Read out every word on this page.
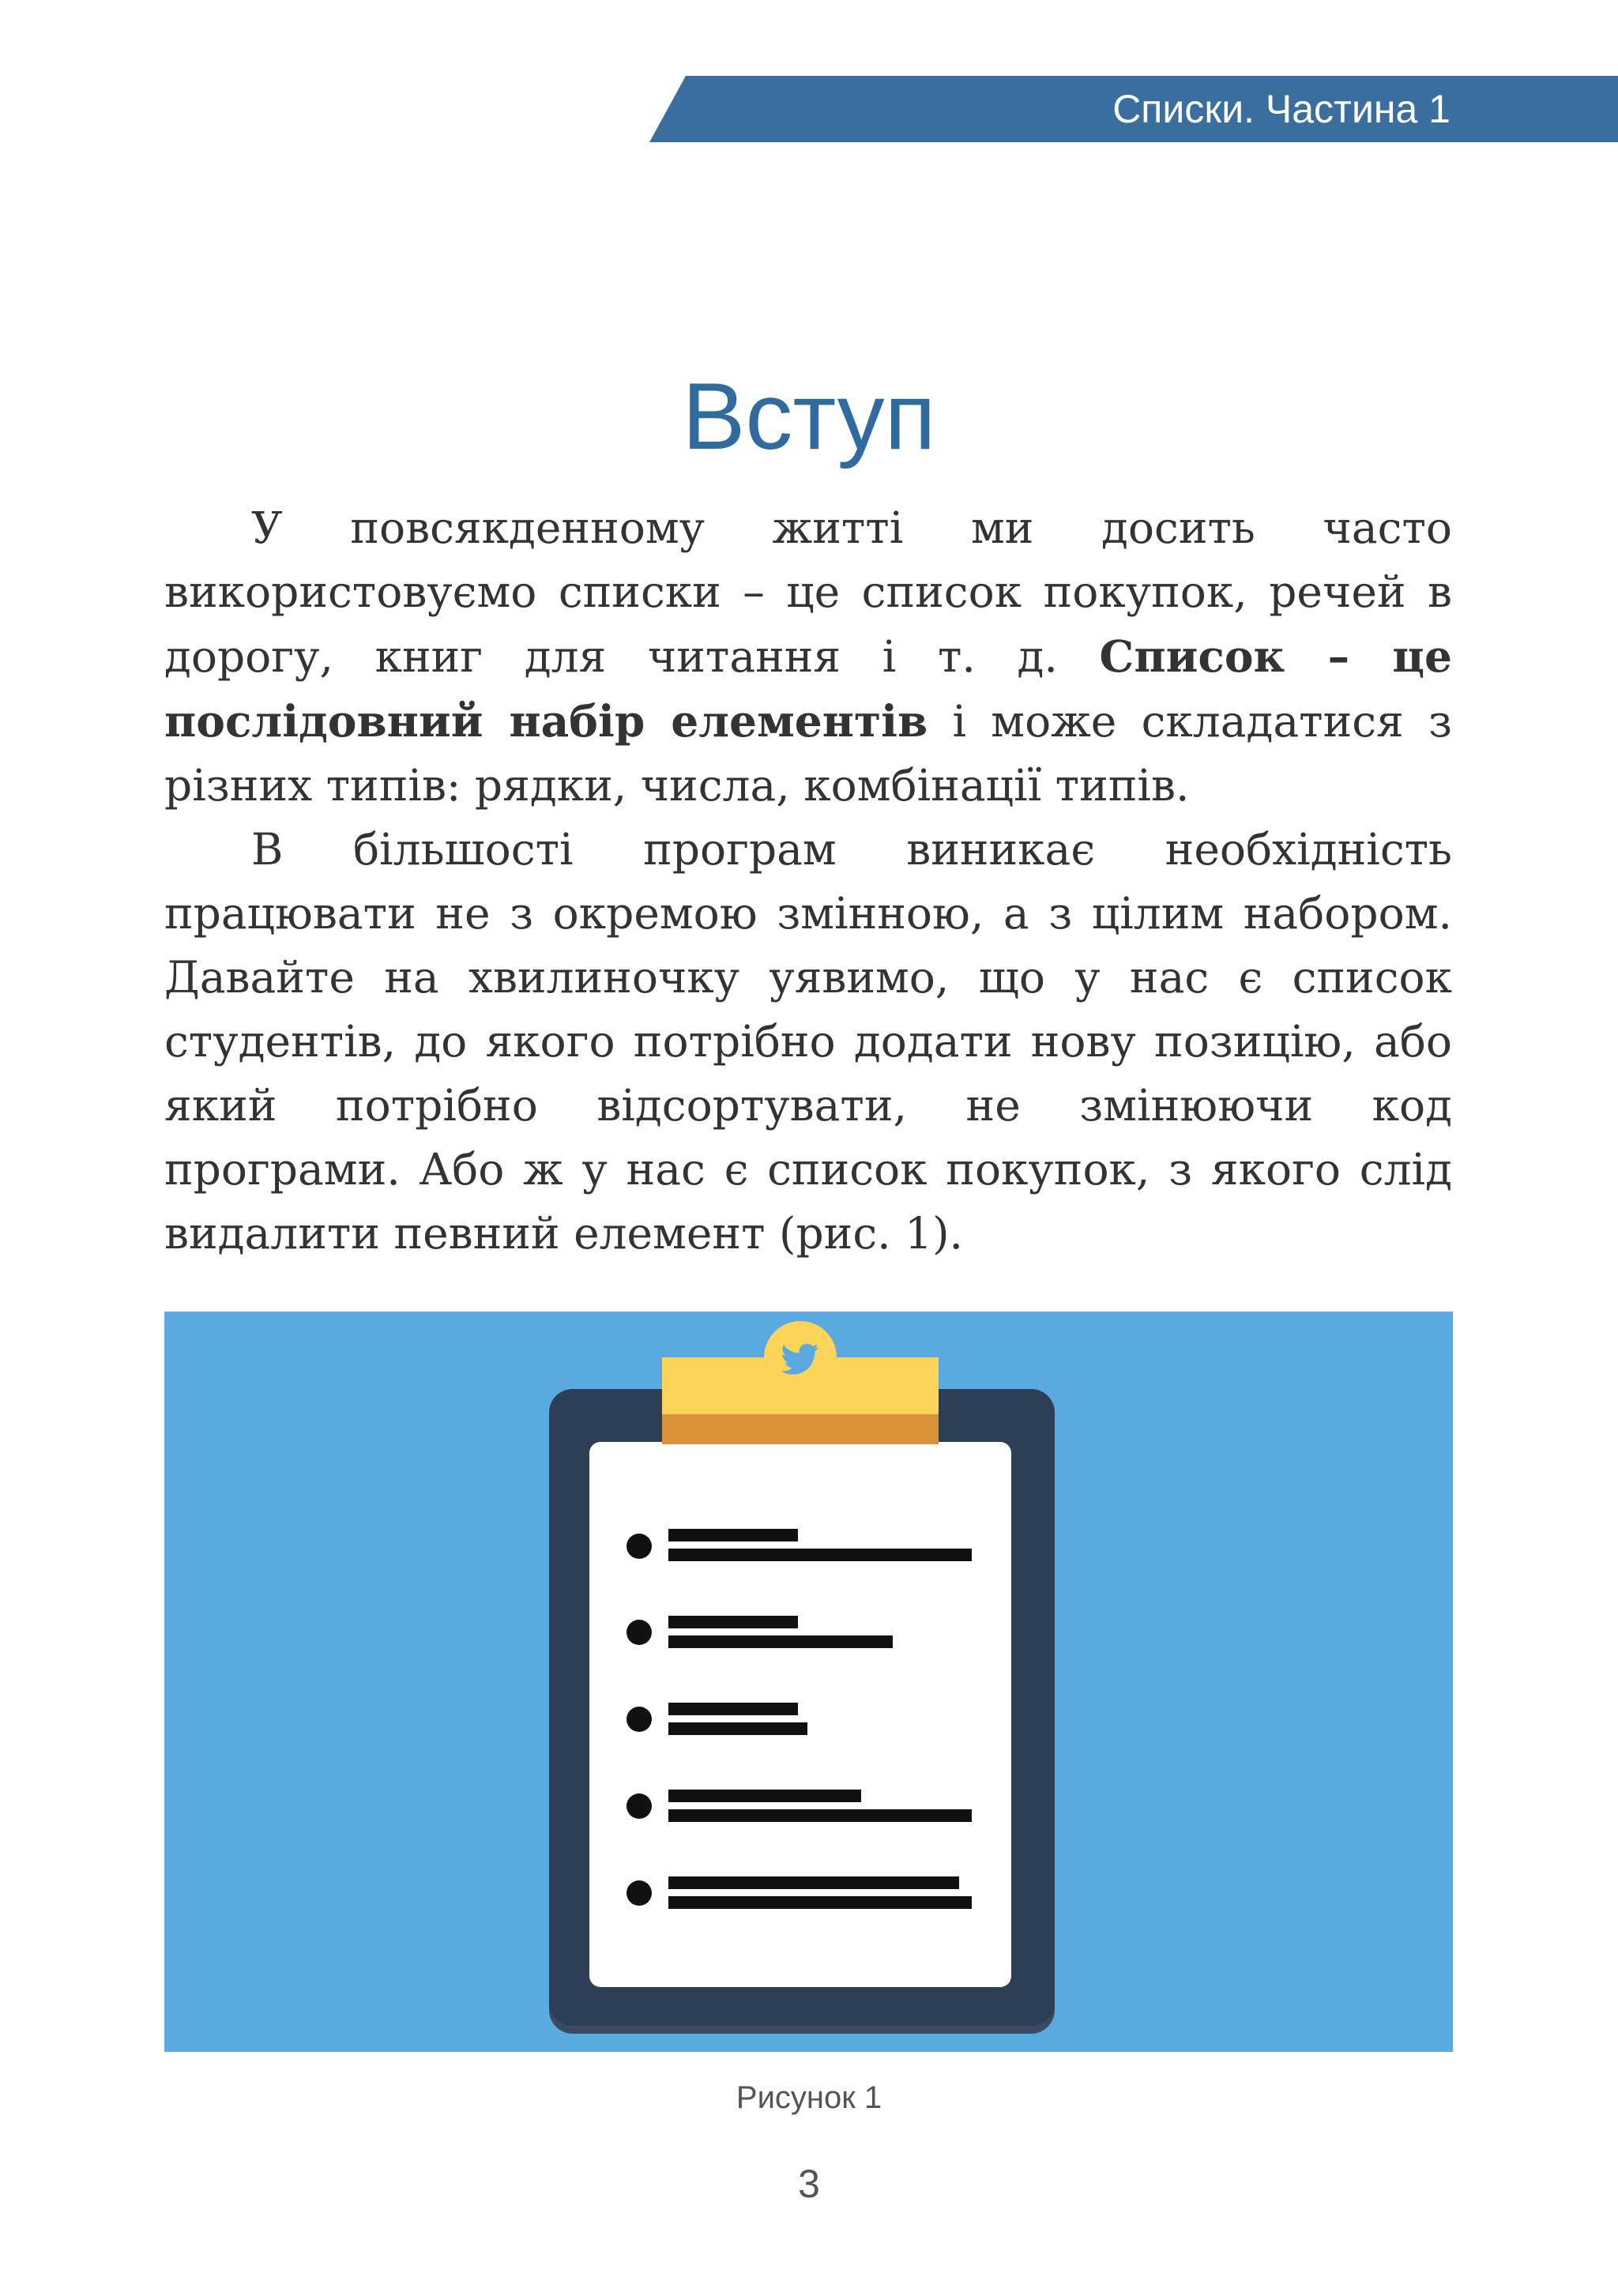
Списки. Частина 1
Вступ

У повсякденному житті ми досить часто використовуємо списки – це список покупок, речей в дорогу, книг для читання і т. д. Список – це послідовний набір елементів і може складатися з різних типів: рядки, числа, комбінації типів.

В більшості програм виникає необхідність працювати не з окремою змінною, а з цілим набором. Давайте на хвилиночку уявимо, що у нас є список студентів, до якого потрібно додати нову позицію, або який потрібно відсортувати, не змінюючи код програми. Або ж у нас є список покупок, з якого слід видалити певний елемент (рис. 1).

Рисунок 1
3
